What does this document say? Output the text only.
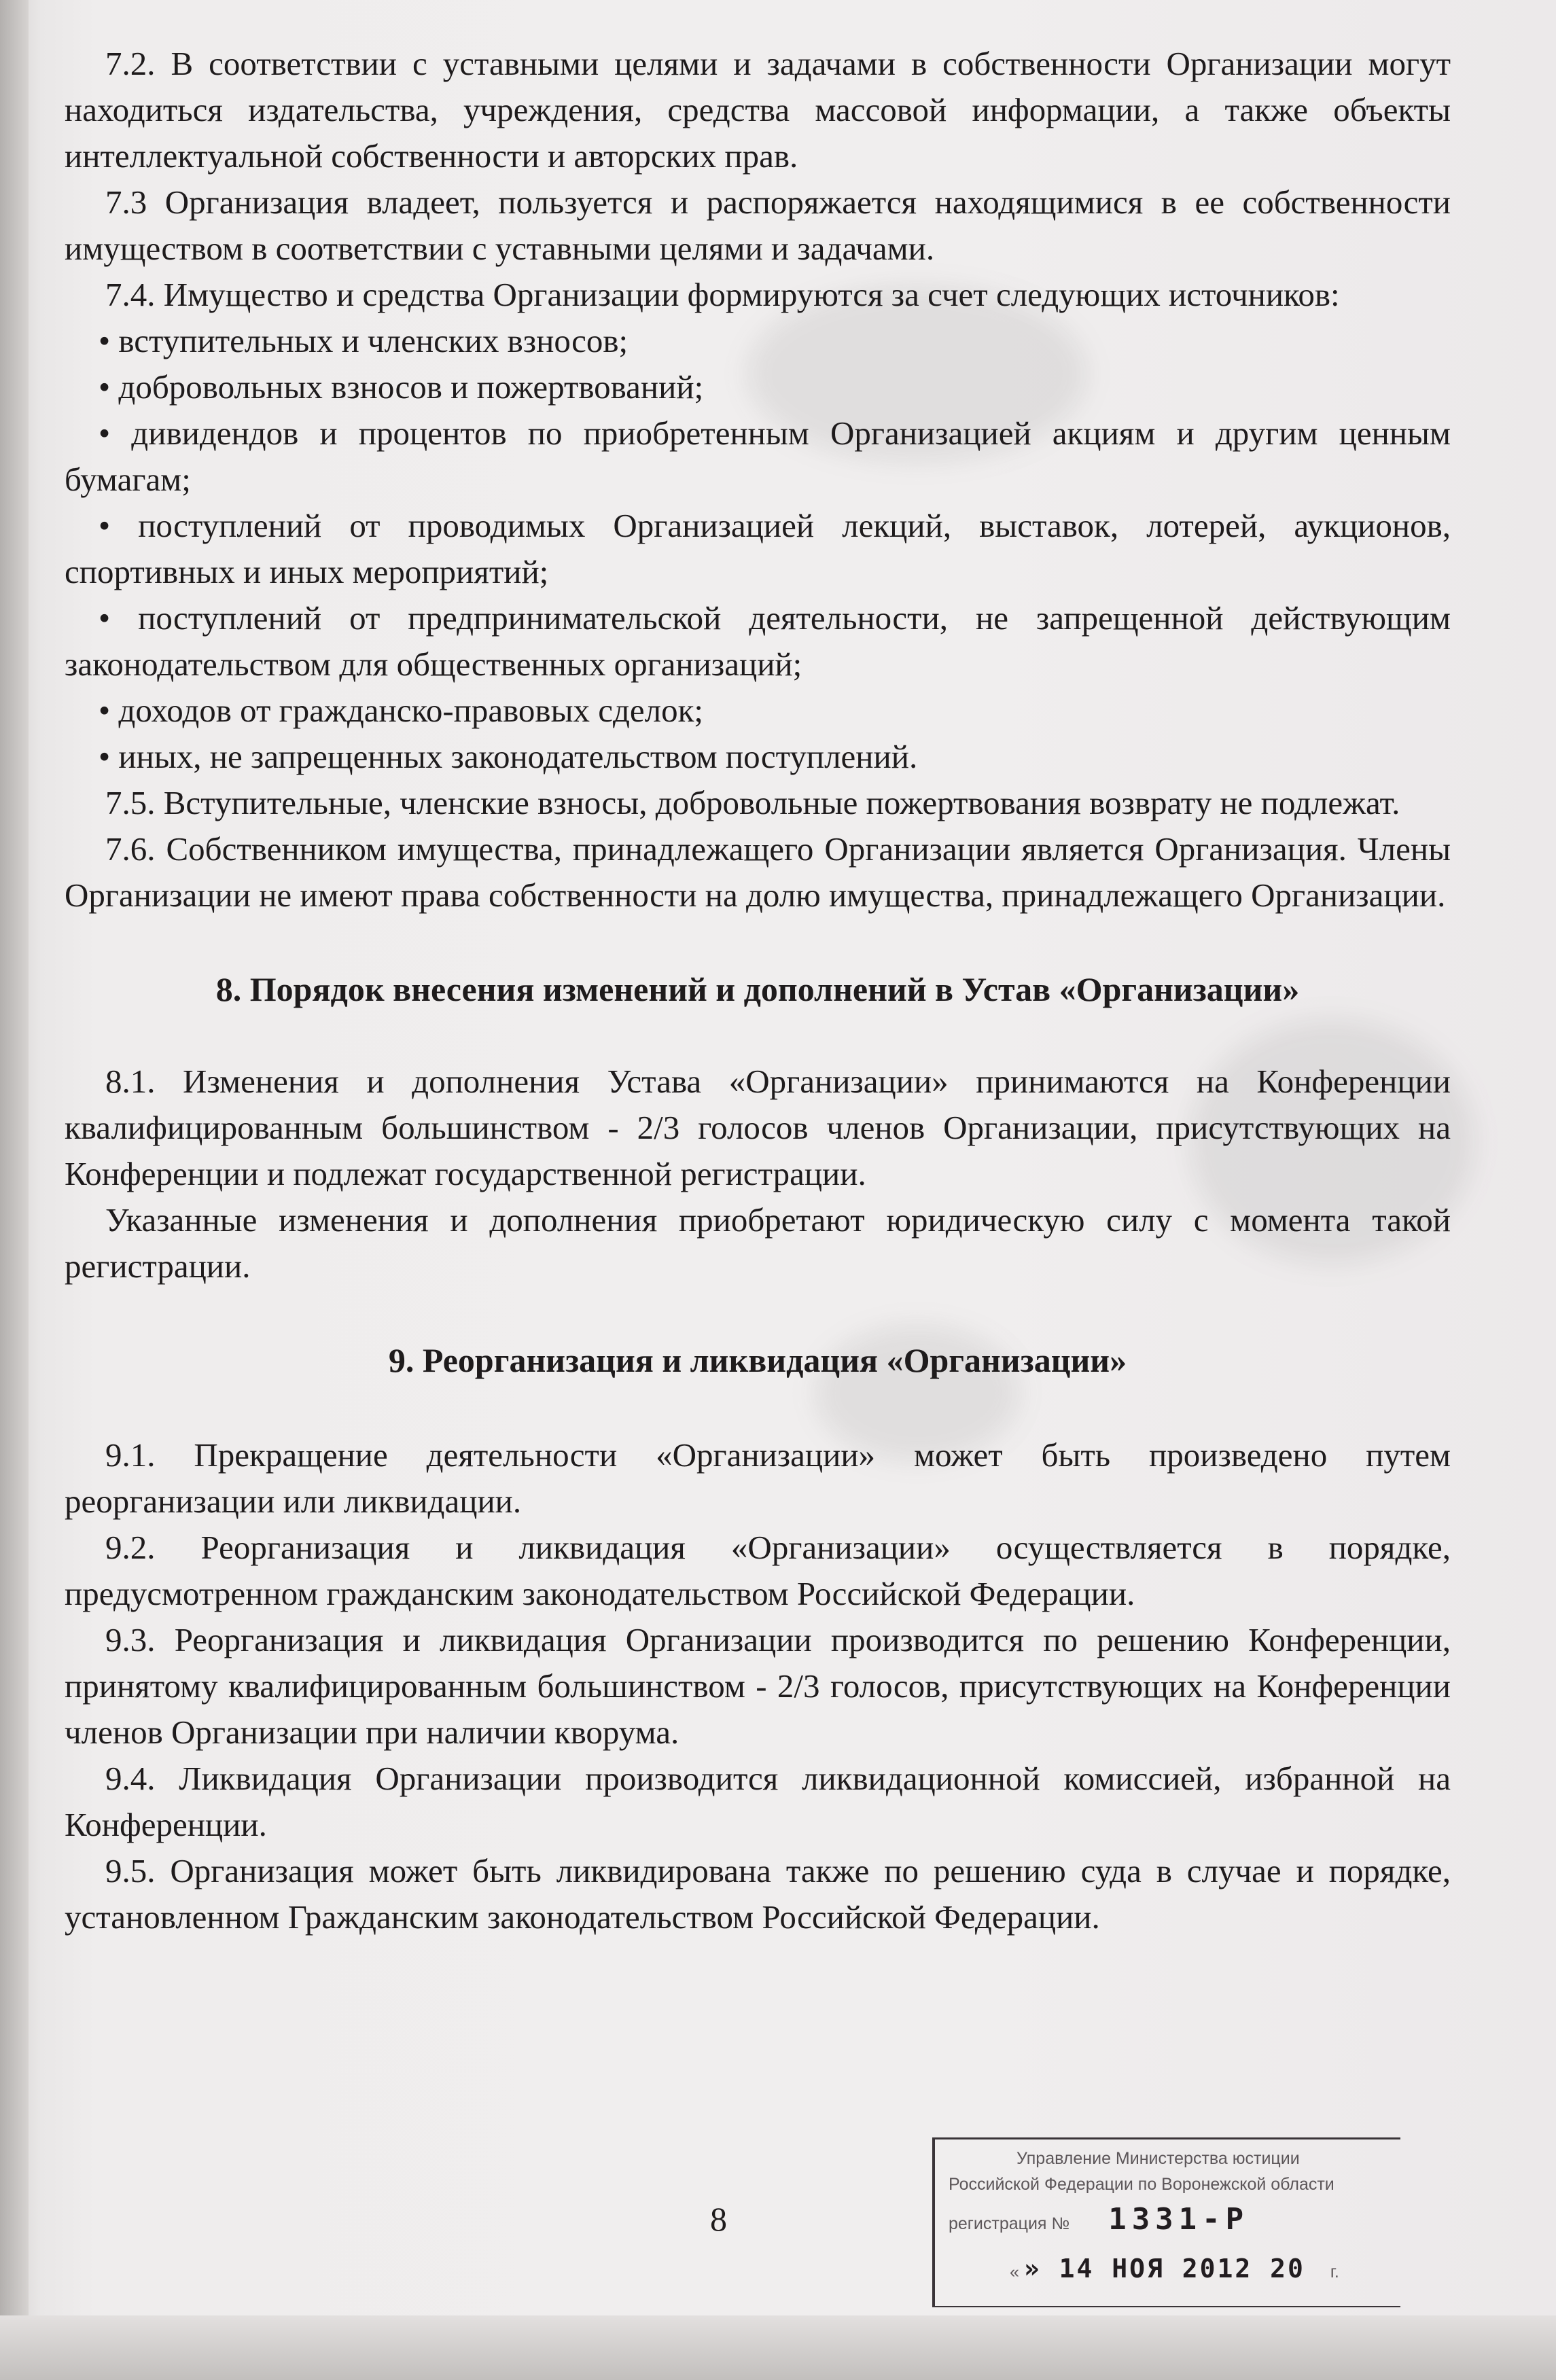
7.2. В соответствии с уставными целями и задачами в собственности Организации могут находиться издательства, учреждения, средства массовой информации, а также объекты интеллектуальной собственности и авторских прав.

7.3 Организация владеет, пользуется и распоряжается находящимися в ее собственности имуществом в соответствии с уставными целями и задачами.

7.4. Имущество и средства Организации формируются за счет следующих источников:

• вступительных и членских взносов;

• добровольных взносов и пожертвований;

• дивидендов и процентов по приобретенным Организацией акциям и другим ценным бумагам;

• поступлений от проводимых Организацией лекций, выставок, лотерей, аукционов, спортивных и иных мероприятий;

• поступлений от предпринимательской деятельности, не запрещенной действующим законодательством для общественных организаций;

• доходов от гражданско-правовых сделок;

• иных, не запрещенных законодательством поступлений.

7.5. Вступительные, членские взносы, добровольные пожертвования возврату не подлежат.

7.6. Собственником имущества, принадлежащего Организации является Организация. Члены Организации не имеют права собственности на долю имущества, принадлежащего Организации.

8. Порядок внесения изменений и дополнений в Устав «Организации»

8.1. Изменения и дополнения Устава «Организации» принимаются на Конференции квалифицированным большинством - 2/3 голосов членов Организации, присутствующих на Конференции и подлежат государственной регистрации.

Указанные изменения и дополнения приобретают юридическую силу с момента такой регистрации.

9. Реорганизация и ликвидация «Организации»

9.1. Прекращение деятельности «Организации» может быть произведено путем реорганизации или ликвидации.

9.2. Реорганизация и ликвидация «Организации» осуществляется в порядке, предусмотренном гражданским законодательством Российской Федерации.

9.3. Реорганизация и ликвидация Организации производится по решению Конференции, принятому квалифицированным большинством - 2/3 голосов, присутствующих на Конференции членов Организации при наличии кворума.

9.4. Ликвидация Организации производится ликвидационной комиссией, избранной на Конференции.

9.5. Организация может быть ликвидирована также по решению суда в случае и порядке, установленном Гражданским законодательством Российской Федерации.

8
Управление Министерства юстиции
Российской Федерации по Воронежской области
регистрация № 1331-Р
« » 14 НОЯ 2012 20 г.
